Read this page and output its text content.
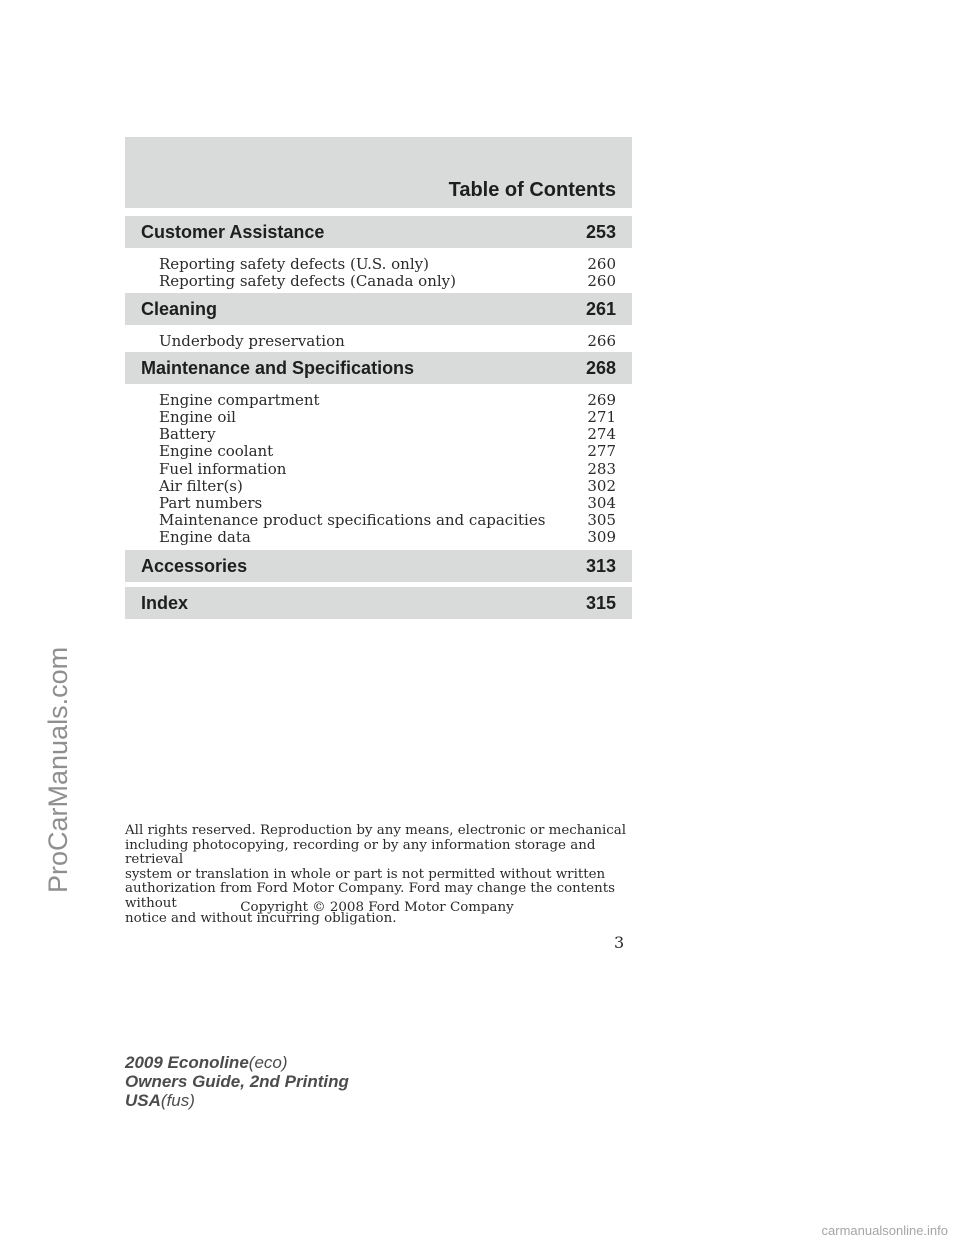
Table of Contents
Customer Assistance	253
Reporting safety defects (U.S. only)	260
Reporting safety defects (Canada only)	260
Cleaning	261
Underbody preservation	266
Maintenance and Specifications	268
Engine compartment	269
Engine oil	271
Battery	274
Engine coolant	277
Fuel information	283
Air filter(s)	302
Part numbers	304
Maintenance product specifications and capacities	305
Engine data	309
Accessories	313
Index	315

All rights reserved. Reproduction by any means, electronic or mechanical

including photocopying, recording or by any information storage and retrieval

system or translation in whole or part is not permitted without written

authorization from Ford Motor Company. Ford may change the contents without

notice and without incurring obligation.

Copyright © 2008 Ford Motor Company
3
2009 Econoline(eco)
Owners Guide, 2nd Printing
USA(fus)
ProCarManuals.com
carmanualsonline.info
